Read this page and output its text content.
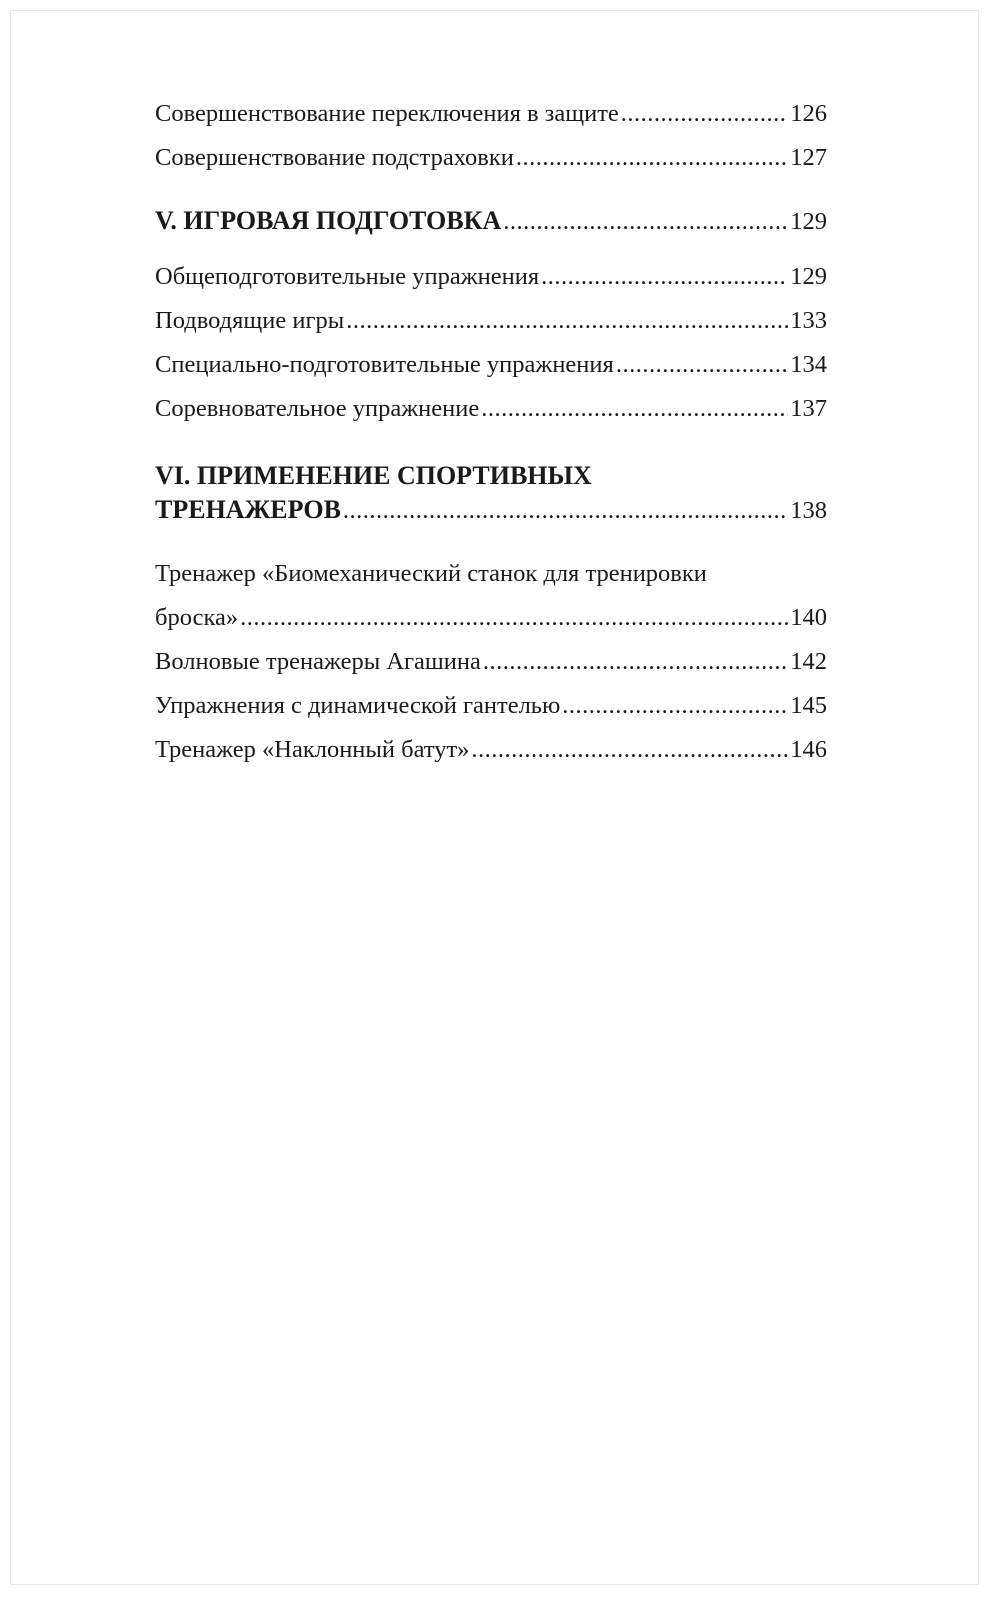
Совершенствование переключения в защите .....	126
Совершенствование подстраховки .....	127
V. ИГРОВАЯ ПОДГОТОВКА .....	129
Общеподготовительные упражнения .....	129
Подводящие игры .....	133
Специально-подготовительные упражнения .....	134
Соревновательное упражнение .....	137
VI. ПРИМЕНЕНИЕ СПОРТИВНЫХ
ТРЕНАЖЕРОВ .....	138
Тренажер «Биомеханический станок для тренировки
броска» .....	140
Волновые тренажеры Агашина .....	142
Упражнения с динамической гантелью .....	145
Тренажер «Наклонный батут» .....	146
